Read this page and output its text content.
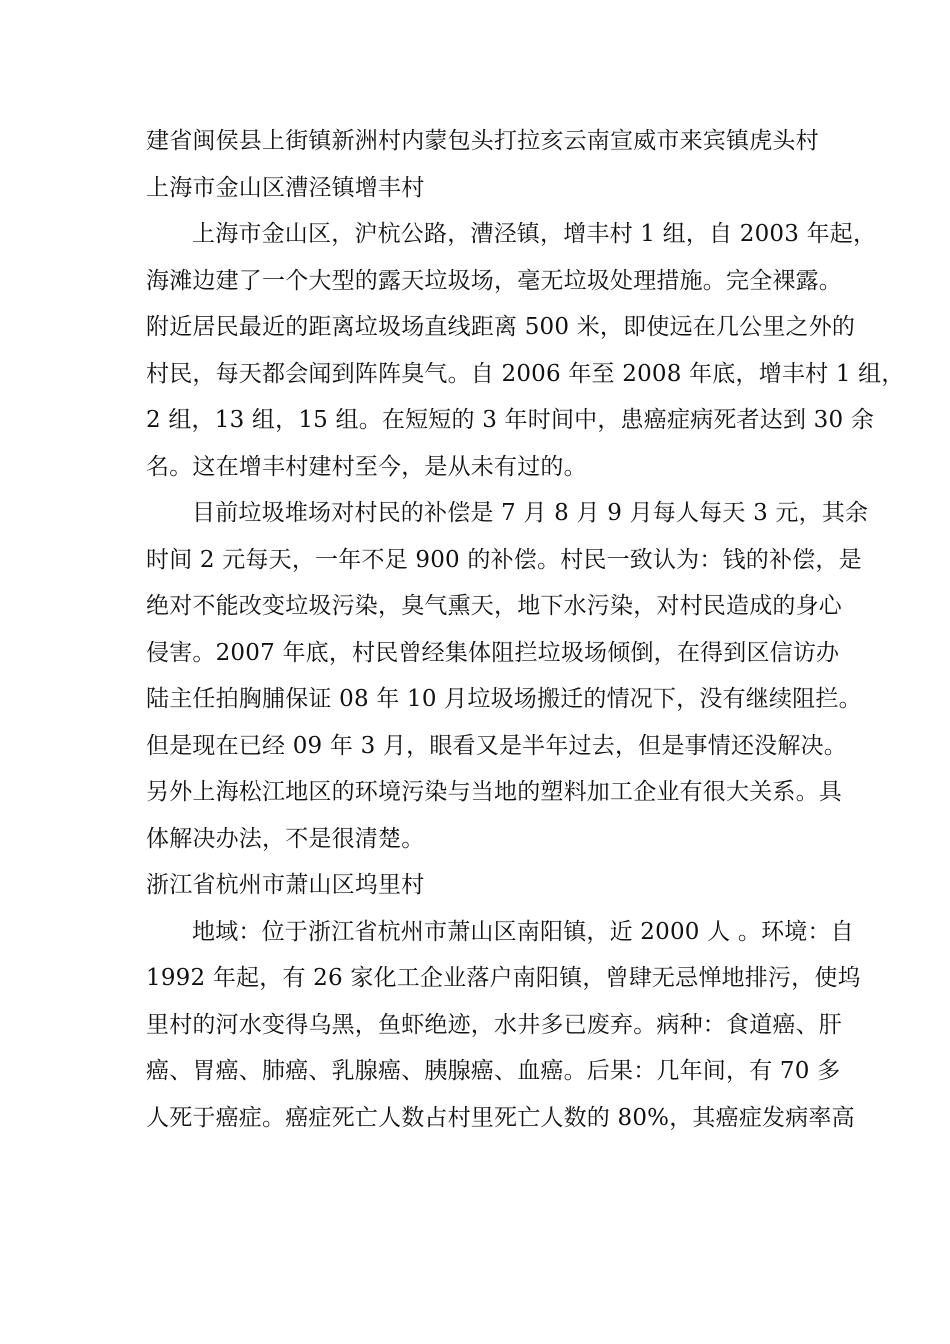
建省闽侯县上街镇新洲村内蒙包头打拉亥云南宣威市来宾镇虎头村
上海市金山区漕泾镇增丰村
上海市金山区，沪杭公路，漕泾镇，增丰村 1 组，自 2003 年起，
海滩边建了一个大型的露天垃圾场，毫无垃圾处理措施。完全裸露。
附近居民最近的距离垃圾场直线距离 500 米，即使远在几公里之外的
村民，每天都会闻到阵阵臭气。自 2006 年至 2008 年底，增丰村 1 组，
2 组，13 组，15 组。在短短的 3 年时间中，患癌症病死者达到 30 余
名。这在增丰村建村至今，是从未有过的。
目前垃圾堆场对村民的补偿是 7 月 8 月 9 月每人每天 3 元，其余
时间 2 元每天，一年不足 900 的补偿。村民一致认为：钱的补偿，是
绝对不能改变垃圾污染，臭气熏天，地下水污染，对村民造成的身心
侵害。2007 年底，村民曾经集体阻拦垃圾场倾倒，在得到区信访办
陆主任拍胸脯保证 08 年 10 月垃圾场搬迁的情况下，没有继续阻拦。
但是现在已经 09 年 3 月，眼看又是半年过去，但是事情还没解决。
另外上海松江地区的环境污染与当地的塑料加工企业有很大关系。具
体解决办法，不是很清楚。
浙江省杭州市萧山区坞里村
地域：位于浙江省杭州市萧山区南阳镇，近 2000 人 。环境：自
1992 年起，有 26 家化工企业落户南阳镇，曾肆无忌惮地排污，使坞
里村的河水变得乌黑，鱼虾绝迹，水井多已废弃。病种：食道癌、肝
癌、胃癌、肺癌、乳腺癌、胰腺癌、血癌。后果：几年间，有 70 多
人死于癌症。癌症死亡人数占村里死亡人数的 80%，其癌症发病率高
